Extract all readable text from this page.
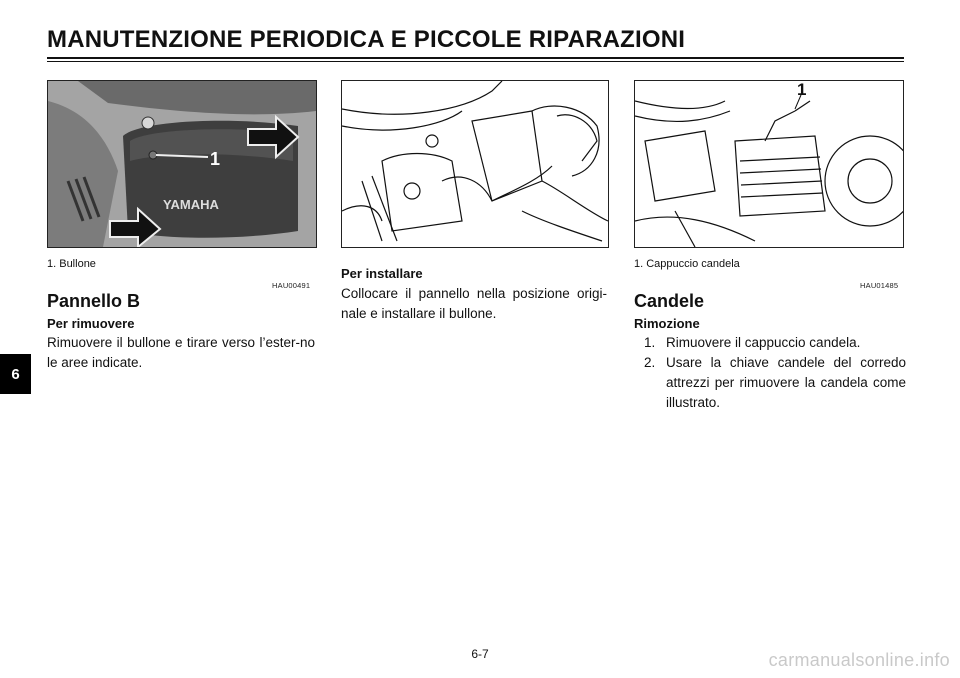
MANUTENZIONE PERIODICA E PICCOLE RIPARAZIONI
6
1
YAMAHA
1
1. Bullone
HAU00491
Pannello B
Per rimuovere

Rimuovere il bullone e tirare verso l’ester-no le aree indicate.

Per installare

Collocare il pannello nella posizione origi-nale e installare il bullone.

1. Cappuccio candela
HAU01485
Candele
Rimozione
1. Rimuovere il cappuccio candela.
2. Usare la chiave candele del corredo attrezzi per rimuovere la candela come illustrato.
6-7	carmanualsonline.info
